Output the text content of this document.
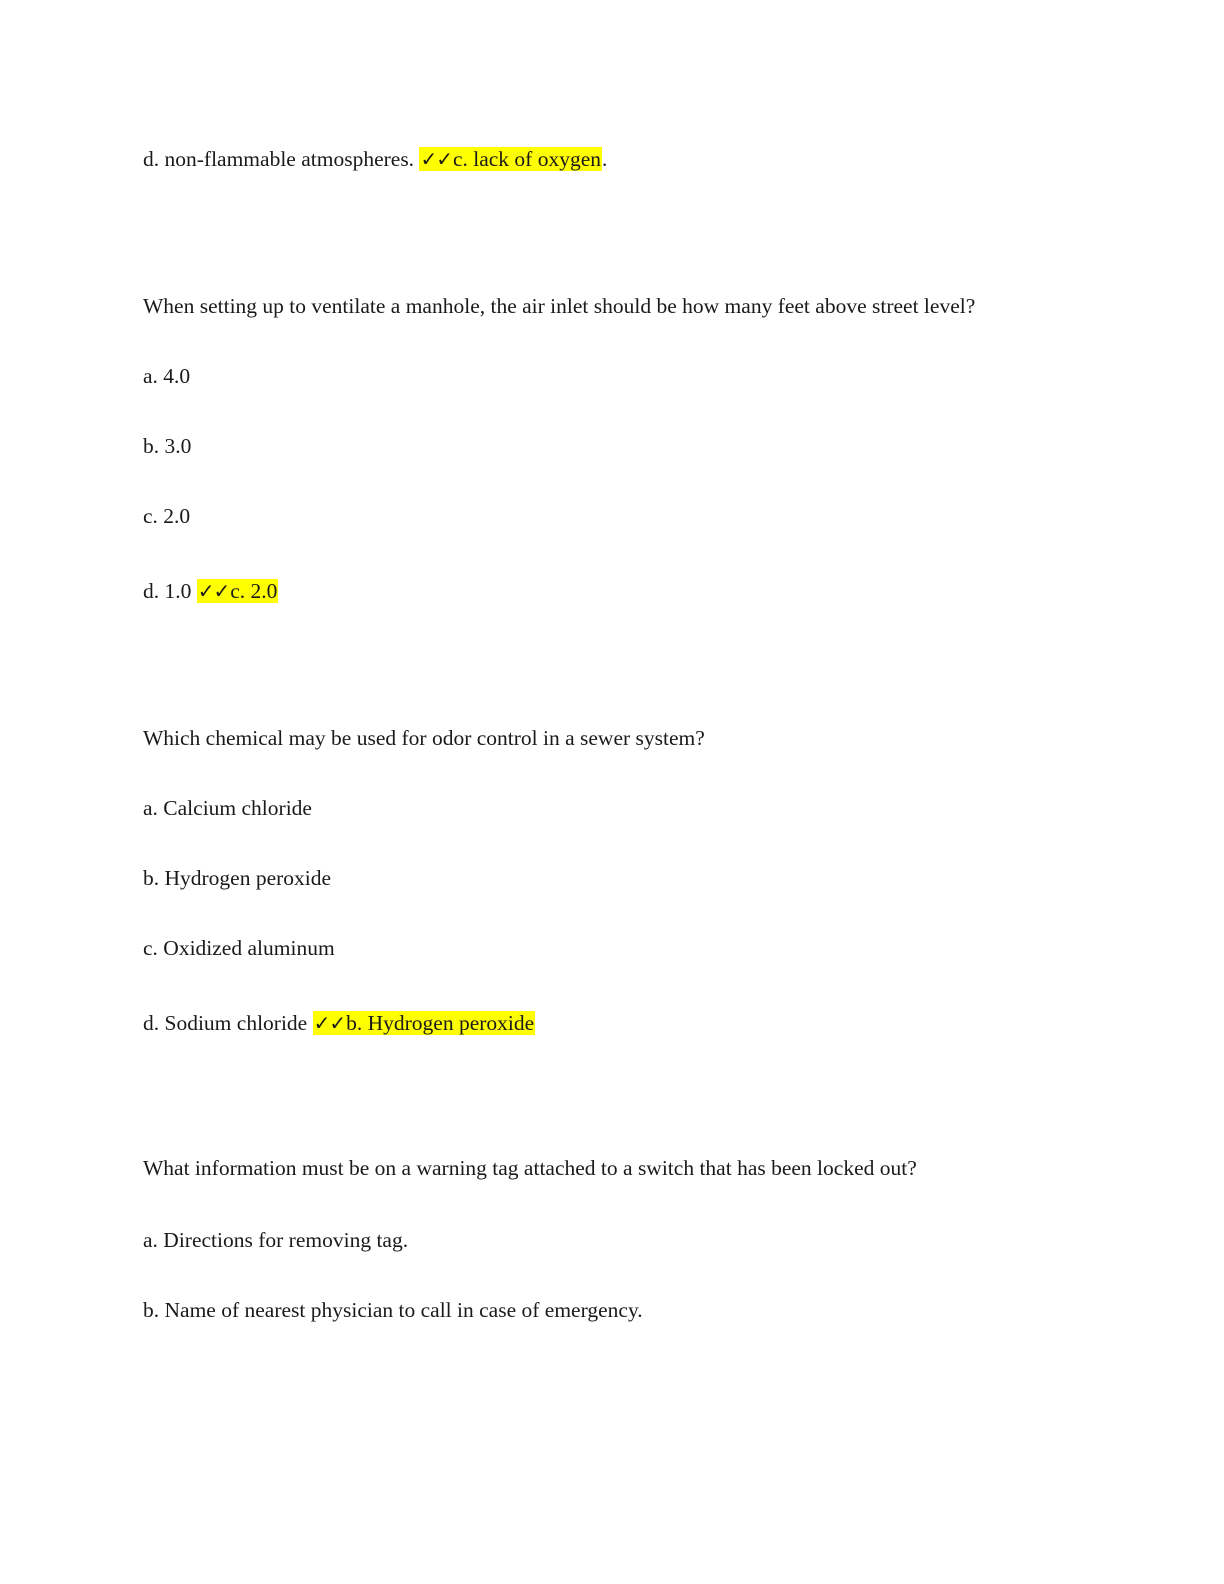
d. non-flammable atmospheres. ✓✓c. lack of oxygen.
When setting up to ventilate a manhole, the air inlet should be how many feet above street level?
a. 4.0
b. 3.0
c. 2.0
d. 1.0 ✓✓c. 2.0
Which chemical may be used for odor control in a sewer system?
a. Calcium chloride
b. Hydrogen peroxide
c. Oxidized aluminum
d. Sodium chloride ✓✓b. Hydrogen peroxide
What information must be on a warning tag attached to a switch that has been locked out?
a. Directions for removing tag.
b. Name of nearest physician to call in case of emergency.
